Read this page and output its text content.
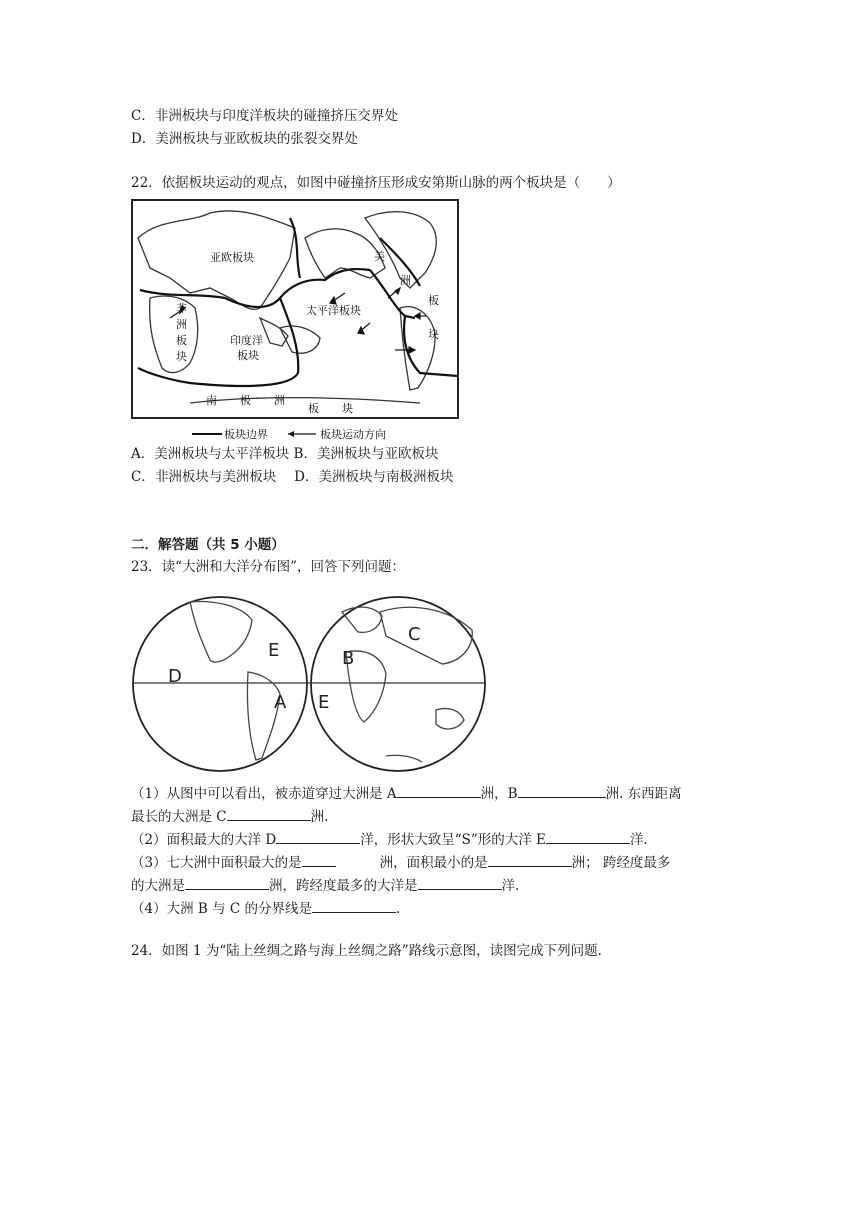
C．非洲板块与印度洋板块的碰撞挤压交界处
D．美洲板块与亚欧板块的张裂交界处
22．依据板块运动的观点，如图中碰撞挤压形成安第斯山脉的两个板块是（　　）
亚欧板块
非
洲
板
块
印度洋
板块
太平洋板块
美
洲
板
块
南 极 洲
板 块
板块边界	板块运动方向
A．美洲板块与太平洋板块 B．美洲板块与亚欧板块
C．非洲板块与美洲板块　 D．美洲板块与南极洲板块
二．解答题（共 5 小题）
23．读“大洲和大洋分布图”，回答下列问题：
D
E
A E
B
C
（1）从图中可以看出，被赤道穿过大洲是 A	洲，B	洲. 东西距离
最长的大洲是 C	洲.
（2）面积最大的大洋 D	洋，形状大致呈“S”形的大洋 E	洋.
（3）七大洲中面积最大的是	洲，面积最小的是	洲； 跨经度最多
的大洲是	洲，跨经度最多的大洋是	洋.
（4）大洲 B 与 C 的分界线是	.
24．如图 1 为“陆上丝绸之路与海上丝绸之路”路线示意图，读图完成下列问题.
